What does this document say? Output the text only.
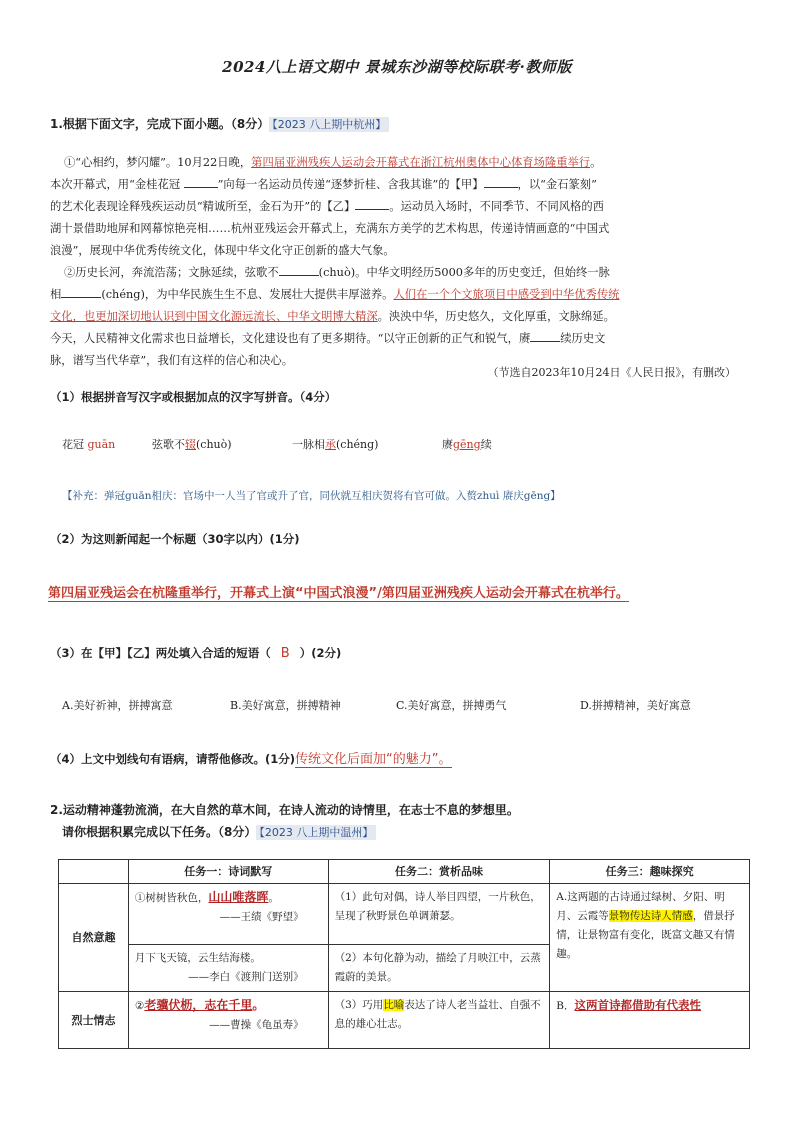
2024八上语文期中 景城东沙湖等校际联考·教师版
1.根据下面文字，完成下面小题。（8分） 【2023 八上期中杭州】
①“心相约，梦闪耀”。10月22日晚，第四届亚洲残疾人运动会开幕式在浙江杭州奥体中心体育场隆重举行。
本次开幕式，用“金桂花冠	”向每一名运动员传递“逐梦折桂、含我其谁”的【甲】	，以“金石篆刻”
的艺术化表现诠释残疾运动员“精诚所至，金石为开”的【乙】	。运动员入场时，不同季节、不同风格的西
湖十景借助地屏和网幕惊艳亮相……杭州亚残运会开幕式上，充满东方美学的艺术构思，传递诗情画意的“中国式
浪漫”，展现中华优秀传统文化，体现中华文化守正创新的盛大气象。
②历史长河，奔流浩荡；文脉延续，弦歌不	(chuò)。中华文明经历5000多年的历史变迁，但始终一脉
相	(chéng)，为中华民族生生不息、发展壮大提供丰厚滋养。人们在一个个文旅项目中感受到中华优秀传统
文化，也更加深切地认识到中国文化源远流长、中华文明博大精深。泱泱中华，历史悠久，文化厚重，文脉绵延。
今天，人民精神文化需求也日益增长，文化建设也有了更多期待。“以守正创新的正气和锐气，赓	续历史文
脉，谱写当代华章”，我们有这样的信心和决心。
（节选自2023年10月24日《人民日报》，有删改）
（1）根据拼音写汉字或根据加点的汉字写拼音。（4分）
花冠 guān	弦歌不辍(chuò)	一脉相承(chéng)	赓gēng续
【补充：弹冠guān相庆：官场中一人当了官或升了官，同伙就互相庆贺将有官可做。入赘zhuì 赓庆gēng】
（2）为这则新闻起一个标题（30字以内）(1分)
第四届亚残运会在杭隆重举行，开幕式上演“中国式浪漫”/第四届亚洲残疾人运动会开幕式在杭举行。
（3）在【甲】【乙】两处填入合适的短语（ B ）(2分)
A.美好祈神，拼搏寓意	B.美好寓意，拼搏精神	C.美好寓意，拼搏勇气	D.拼搏精神，美好寓意
（4）上文中划线句有语病，请帮他修改。(1分)传统文化后面加“的魅力”。
2.运动精神蓬勃流淌，在大自然的草木间，在诗人流动的诗情里，在志士不息的梦想里。
请你根据积累完成以下任务。（8分） 【2023 八上期中温州】
	任务一：诗词默写	任务二：赏析品味	任务三：趣味探究
自然意趣	①树树皆秋色，山山唯落晖。
——王绩《野望》	（1）此句对偶，诗人举目四望，一片秋色，呈现了秋野景色单调萧瑟。	A.这两题的古诗通过绿树、夕阳、明月、云霞等景物传达诗人情感，借景抒情，让景物富有变化，既富文趣又有情趣。
	月下飞天镜，云生结海楼。
——李白《渡荆门送别》	（2）本句化静为动，描绘了月映江中，云蒸霞蔚的美景。	
烈士情志	②老骥伏枥，志在千里。
——曹操《龟虽寿》	（3）巧用比喻表达了诗人老当益壮、自强不息的雄心壮志。	B．这两首诗都借助有代表性
